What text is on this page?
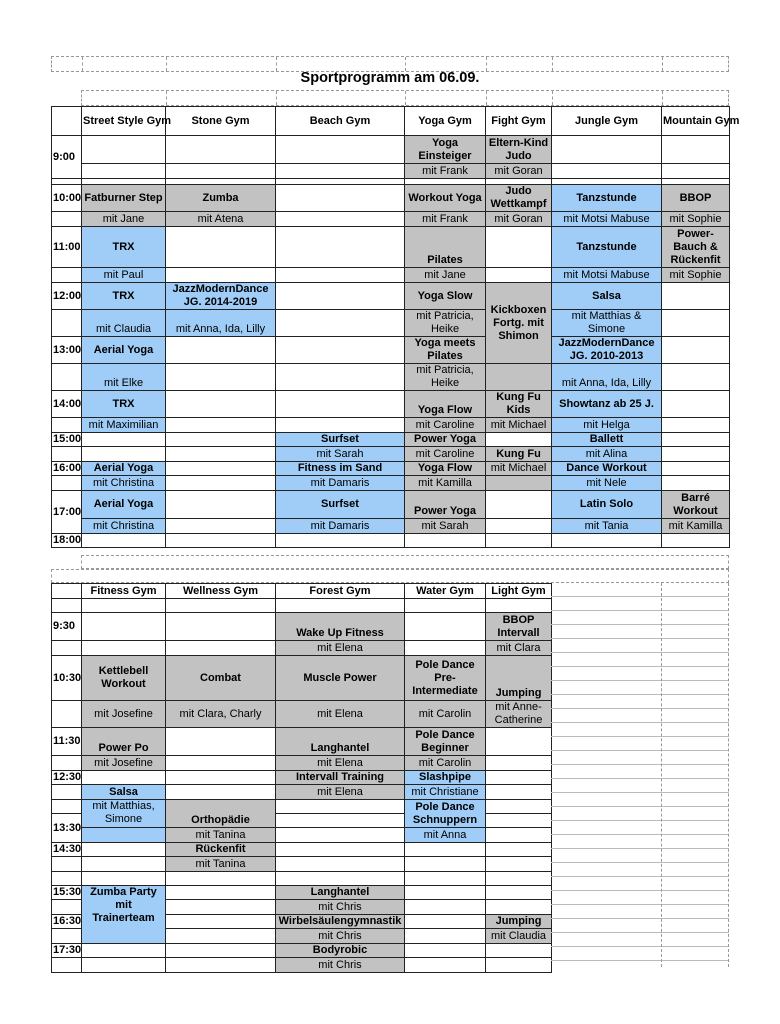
Sportprogramm am 06.09.
	Street Style Gym	Stone Gym	Beach Gym	Yoga Gym	Fight Gym	Jungle Gym	Mountain Gym
9:00				Yoga Einsteiger	Eltern-Kind Judo		
				mit Frank	mit Goran		

10:00	Fatburner Step	Zumba		Workout Yoga	Judo Wettkampf	Tanzstunde	BBOP
	mit Jane	mit Atena		mit Frank	mit Goran	mit Motsi Mabuse	mit Sophie
11:00	TRX			Pilates		Tanzstunde	Power-Bauch & Rückenfit
	mit Paul			mit Jane		mit Motsi Mabuse	mit Sophie
12:00	TRX	JazzModernDance JG. 2014-2019		Yoga Slow	Kickboxen Fortg. mit Shimon	Salsa	
	mit Claudia	mit Anna, Ida, Lilly		mit Patricia, Heike		mit Matthias & Simone	
13:00	Aerial Yoga			Yoga meets Pilates		JazzModernDance JG. 2010-2013	
	mit Elke			mit Patricia, Heike		mit Anna, Ida, Lilly	
14:00	TRX			Yoga Flow	Kung Fu Kids	Showtanz ab 25 J.	
	mit Maximilian			mit Caroline	mit Michael	mit Helga	
15:00			Surfset	Power Yoga		Ballett	
			mit Sarah	mit Caroline	Kung Fu	mit Alina	
16:00	Aerial Yoga		Fitness im Sand	Yoga Flow	mit Michael	Dance Workout	
	mit Christina		mit Damaris	mit Kamilla		mit Nele	
17:00	Aerial Yoga		Surfset	Power Yoga		Latin Solo	Barré Workout
	mit Christina		mit Damaris	mit Sarah		mit Tania	mit Kamilla
18:00							
	Fitness Gym	Wellness Gym	Forest Gym	Water Gym	Light Gym

9:30			Wake Up Fitness		BBOP Intervall
			mit Elena		mit Clara
10:30	Kettlebell Workout	Combat	Muscle Power	Pole Dance Pre-Intermediate	Jumping
	mit Josefine	mit Clara, Charly	mit Elena	mit Carolin	mit Anne-Catherine
11:30	Power Po		Langhantel	Pole Dance Beginner	
	mit Josefine		mit Elena	mit Carolin	
12:30			Intervall Training	Slashpipe	
	Salsa		mit Elena	mit Christiane	
	mit Matthias, Simone			Pole Dance Schnuppern	
13:30		Orthopädie			
		mit Tanina		mit Anna	
14:30		Rückenfit			
		mit Tanina			

15:30	Zumba Party mit Trainerteam		Langhantel		
			mit Chris		
16:30			Wirbelsäulengymnastik		Jumping
			mit Chris		mit Claudia
17:30			Bodyrobic		
			mit Chris		
